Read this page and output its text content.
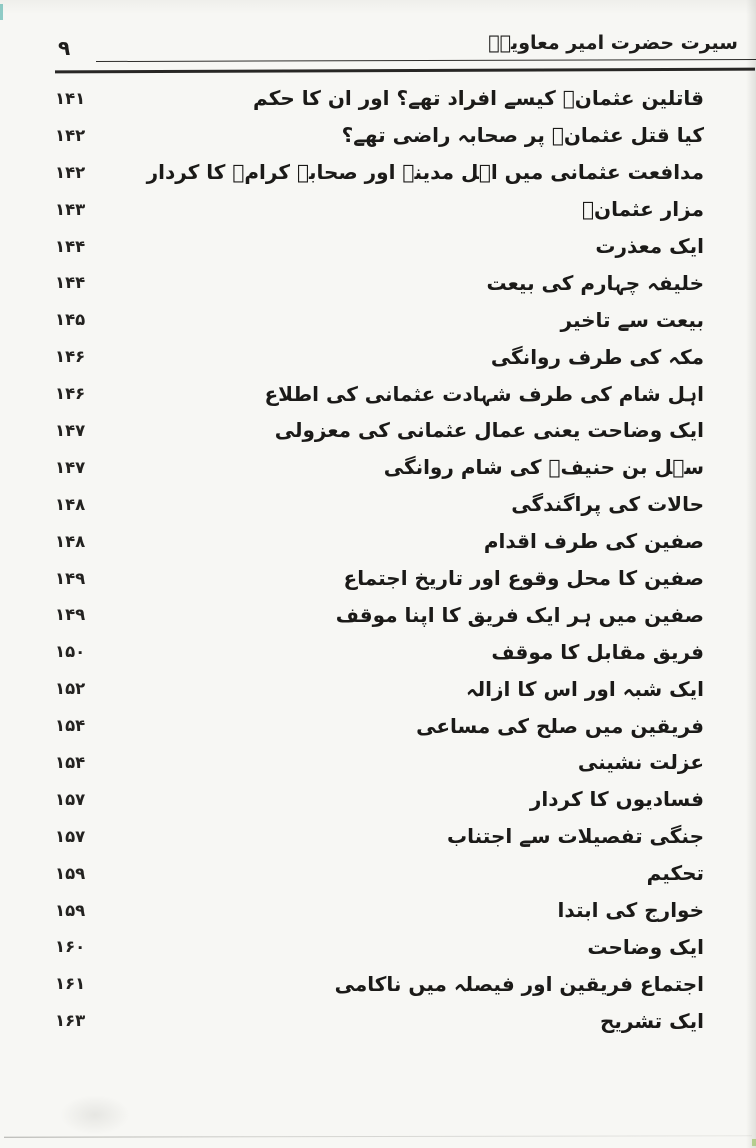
۹	سیرت حضرت امیر معاویہؓ
۱۴۱	قاتلین عثمانؓ کیسے افراد تھے؟ اور ان کا حکم
۱۴۲	کیا قتل عثمانؓ پر صحابہ راضی تھے؟
۱۴۲	مدافعت عثمانی میں اہل مدینہ اور صحابہ کرامؓ کا کردار
۱۴۳	مزار عثمانؓ
۱۴۴	ایک معذرت
۱۴۴	خلیفہ چہارم کی بیعت
۱۴۵	بیعت سے تاخیر
۱۴۶	مکہ کی طرف روانگی
۱۴۶	اہل شام کی طرف شہادت عثمانی کی اطلاع
۱۴۷	ایک وضاحت یعنی عمال عثمانی کی معزولی
۱۴۷	سہل بن حنیفؓ کی شام روانگی
۱۴۸	حالات کی پراگندگی
۱۴۸	صفین کی طرف اقدام
۱۴۹	صفین کا محل وقوع اور تاریخ اجتماع
۱۴۹	صفین میں ہر ایک فریق کا اپنا موقف
۱۵۰	فریق مقابل کا موقف
۱۵۲	ایک شبہ اور اس کا ازالہ
۱۵۴	فریقین میں صلح کی مساعی
۱۵۴	عزلت نشینی
۱۵۷	فسادیوں کا کردار
۱۵۷	جنگی تفصیلات سے اجتناب
۱۵۹	تحکیم
۱۵۹	خوارج کی ابتدا
۱۶۰	ایک وضاحت
۱۶۱	اجتماع فریقین اور فیصلہ میں ناکامی
۱۶۳	ایک تشریح
